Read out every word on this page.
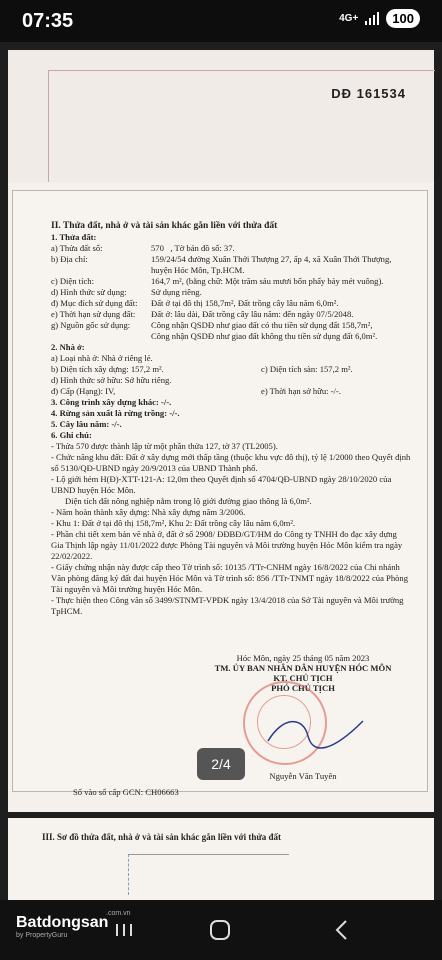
07:35	4G+	100
DĐ 161534
II. Thửa đất, nhà ở và tài sản khác gắn liền với thửa đất
1. Thửa đất:
a) Thửa đất số:	570 , Tờ bản đồ số: 37.
b) Địa chỉ:	159/24/54 đường Xuân Thới Thượng 27, ấp 4, xã Xuân Thới Thượng, huyện Hóc Môn, Tp.HCM.
c) Diện tích:	164,7 m², (bằng chữ: Một trăm sáu mươi bốn phẩy bảy mét vuông).
d) Hình thức sử dụng:	Sử dụng riêng.
đ) Mục đích sử dụng đất:	Đất ở tại đô thị 158,7m², Đất trồng cây lâu năm 6,0m².
e) Thời hạn sử dụng đất:	Đất ở: lâu dài, Đất trồng cây lâu năm: đến ngày 07/5/2048.
g) Nguồn gốc sử dụng:	Công nhận QSDĐ như giao đất có thu tiền sử dụng đất 158,7m²,
Công nhận QSDĐ như giao đất không thu tiền sử dụng đất 6,0m².
2. Nhà ở:
a) Loại nhà ở: Nhà ở riêng lẻ.
b) Diện tích xây dựng: 157,2 m².	c) Diện tích sàn: 157,2 m².
d) Hình thức sở hữu: Sở hữu riêng.
đ) Cấp (Hạng): IV,	e) Thời hạn sở hữu: -/-.
3. Công trình xây dựng khác: -/-.
4. Rừng sản xuất là rừng trồng: -/-.
5. Cây lâu năm: -/-.
6. Ghi chú:
- Thửa 570 được thành lập từ một phần thửa 127, tờ 37 (TL2005).
- Chức năng khu đất: Đất ở xây dựng mới thấp tầng (thuộc khu vực đô thị), tỷ lệ 1/2000 theo Quyết định số 5130/QĐ-UBND ngày 20/9/2013 của UBND Thành phố.
- Lộ giới hẻm H(Đ)-XTT-121-A: 12,0m theo Quyết định số 4704/QĐ-UBND ngày 28/10/2020 của UBND huyện Hóc Môn.
Diện tích đất nông nghiệp nằm trong lộ giới đường giao thông là 6,0m².
- Năm hoàn thành xây dựng: Nhà xây dựng năm 3/2006.
- Khu 1: Đất ở tại đô thị 158,7m², Khu 2: Đất trồng cây lâu năm 6,0m².
- Phần chi tiết xem bản vẽ nhà ở, đất ở số 2908/ ĐĐBĐ/GT/HM do Công ty TNHH đo đạc xây dựng Gia Thịnh lập ngày 11/01/2022 được Phòng Tài nguyên và Môi trường huyện Hóc Môn kiểm tra ngày 22/02/2022.
- Giấy chứng nhận này được cấp theo Tờ trình số: 10135 /TTr-CNHM ngày 16/8/2022 của Chi nhánh Văn phòng đăng ký đất đai huyện Hóc Môn và Tờ trình số: 856 /TTr-TNMT ngày 18/8/2022 của Phòng Tài nguyên và Môi trường huyện Hóc Môn.
- Thực hiện theo Công văn số 3499/STNMT-VPĐK ngày 13/4/2018 của Sở Tài nguyên và Môi trường TpHCM.
Hóc Môn, ngày 25 tháng 05 năm 2023
TM. ỦY BAN NHÂN DÂN HUYỆN HÓC MÔN
KT. CHỦ TỊCH
PHÓ CHỦ TỊCH
Nguyễn Văn Tuyên
Số vào sổ cấp GCN: CH06663
2/4
III. Sơ đồ thửa đất, nhà ở và tài sản khác gắn liền với thửa đất
Batdongsan
.com.vn
by PropertyGuru
